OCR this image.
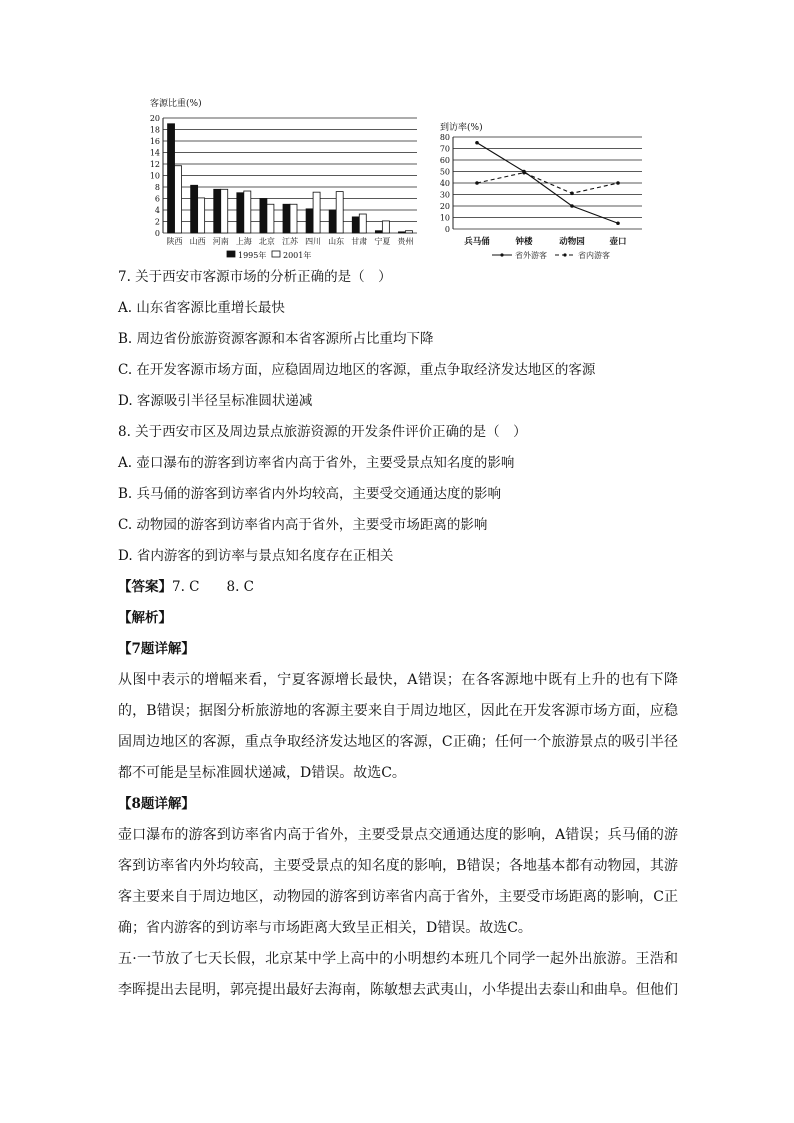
客源比重(%)
0
2
4
6
8
10
12
14
16
18
20
陕西 山西 河南 上海 北京 江苏 四川 山东 甘肃 宁夏 贵州
1995年 2001年
到访率(%)
0
10
20
30
40
50
60
70
80
兵马俑	钟楼	动物园	壶口
省外游客	省内游客
7. 关于西安市客源市场的分析正确的是（　）
A. 山东省客源比重增长最快
B. 周边省份旅游资源客源和本省客源所占比重均下降
C. 在开发客源市场方面，应稳固周边地区的客源，重点争取经济发达地区的客源
D. 客源吸引半径呈标准圆状递减
8. 关于西安市区及周边景点旅游资源的开发条件评价正确的是（　）
A. 壶口瀑布的游客到访率省内高于省外，主要受景点知名度的影响
B. 兵马俑的游客到访率省内外均较高，主要受交通通达度的影响
C. 动物园的游客到访率省内高于省外，主要受市场距离的影响
D. 省内游客的到访率与景点知名度存在正相关
【答案】7. C　　8. C
【解析】
【7题详解】

从图中表示的增幅来看，宁夏客源增长最快，A错误；在各客源地中既有上升的也有下降的，B错误；据图分析旅游地的客源主要来自于周边地区，因此在开发客源市场方面，应稳固周边地区的客源，重点争取经济发达地区的客源，C正确；任何一个旅游景点的吸引半径都不可能是呈标准圆状递减，D错误。故选C。

【8题详解】

壶口瀑布的游客到访率省内高于省外，主要受景点交通通达度的影响，A错误；兵马俑的游客到访率省内外均较高，主要受景点的知名度的影响，B错误；各地基本都有动物园，其游客主要来自于周边地区，动物园的游客到访率省内高于省外，主要受市场距离的影响，C正确；省内游客的到访率与市场距离大致呈正相关，D错误。故选C。

五·一节放了七天长假，北京某中学上高中的小明想约本班几个同学一起外出旅游。王浩和李晖提出去昆明，郭亮提出最好去海南，陈敏想去武夷山，小华提出去泰山和曲阜。但他们
